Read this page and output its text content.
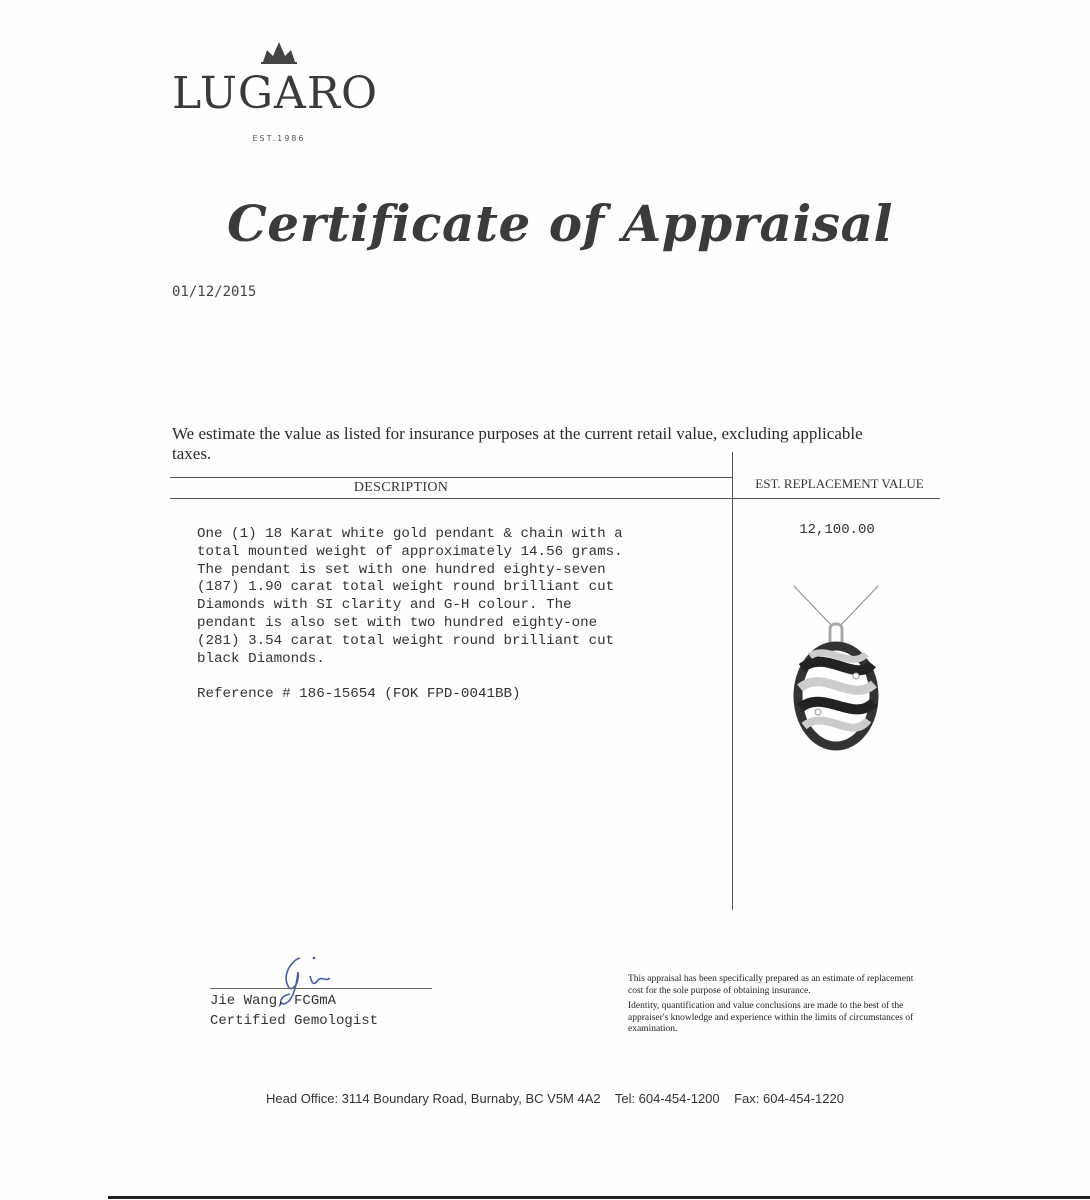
LUGARO
EST.1986
Certificate of Appraisal
01/12/2015
We estimate the value as listed for insurance purposes at the current retail value, excluding applicable taxes.
DESCRIPTION	EST. REPLACEMENT VALUE
One (1) 18 Karat white gold pendant & chain with a
total mounted weight of approximately 14.56 grams.
The pendant is set with one hundred eighty-seven
(187) 1.90 carat total weight round brilliant cut
Diamonds with SI clarity and G-H colour. The
pendant is also set with two hundred eighty-one
(281) 3.54 carat total weight round brilliant cut
black Diamonds.
Reference # 186-15654 (FOK FPD-0041BB)
12,100.00
Jie Wang, FCGmA
Certified Gemologist

This appraisal has been specifically prepared as an estimate of replacement cost for the sole purpose of obtaining insurance.

Identity, quantification and value conclusions are made to the best of the appraiser's knowledge and experience within the limits of circumstances of examination.

Head Office: 3114 Boundary Road, Burnaby, BC V5M 4A2    Tel: 604-454-1200    Fax: 604-454-1220
